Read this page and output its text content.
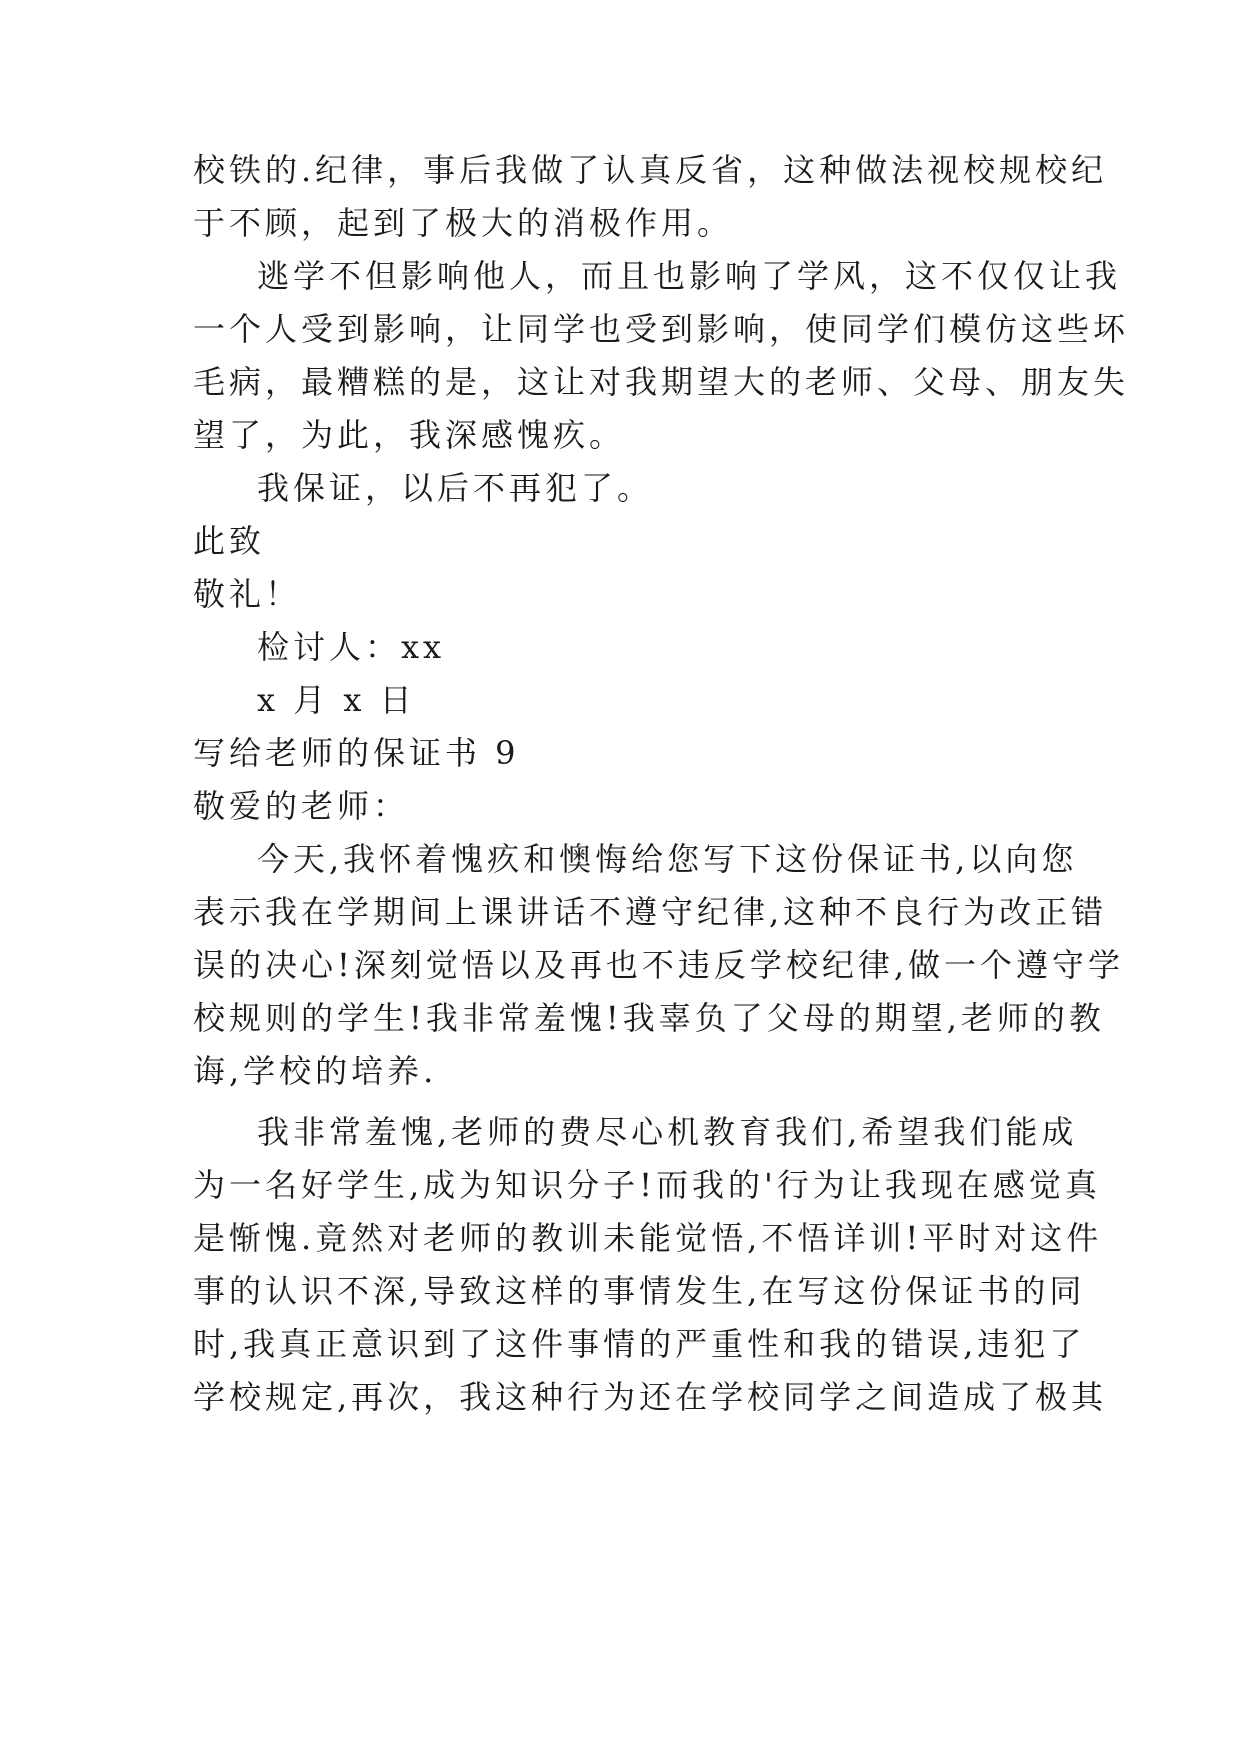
校铁的.纪律，事后我做了认真反省，这种做法视校规校纪
于不顾，起到了极大的消极作用。
逃学不但影响他人，而且也影响了学风，这不仅仅让我
一个人受到影响，让同学也受到影响，使同学们模仿这些坏
毛病，最糟糕的是，这让对我期望大的老师、父母、朋友失
望了，为此，我深感愧疚。
我保证，以后不再犯了。
此致
敬礼！
检讨人：xx
x 月 x 日
写给老师的保证书 9
敬爱的老师：
今天,我怀着愧疚和懊悔给您写下这份保证书,以向您
表示我在学期间上课讲话不遵守纪律,这种不良行为改正错
误的决心!深刻觉悟以及再也不违反学校纪律,做一个遵守学
校规则的学生!我非常羞愧!我辜负了父母的期望,老师的教
诲,学校的培养.
我非常羞愧,老师的费尽心机教育我们,希望我们能成
为一名好学生,成为知识分子!而我的'行为让我现在感觉真
是惭愧.竟然对老师的教训未能觉悟,不悟详训!平时对这件
事的认识不深,导致这样的事情发生,在写这份保证书的同
时,我真正意识到了这件事情的严重性和我的错误,违犯了
学校规定,再次，我这种行为还在学校同学之间造成了极其
